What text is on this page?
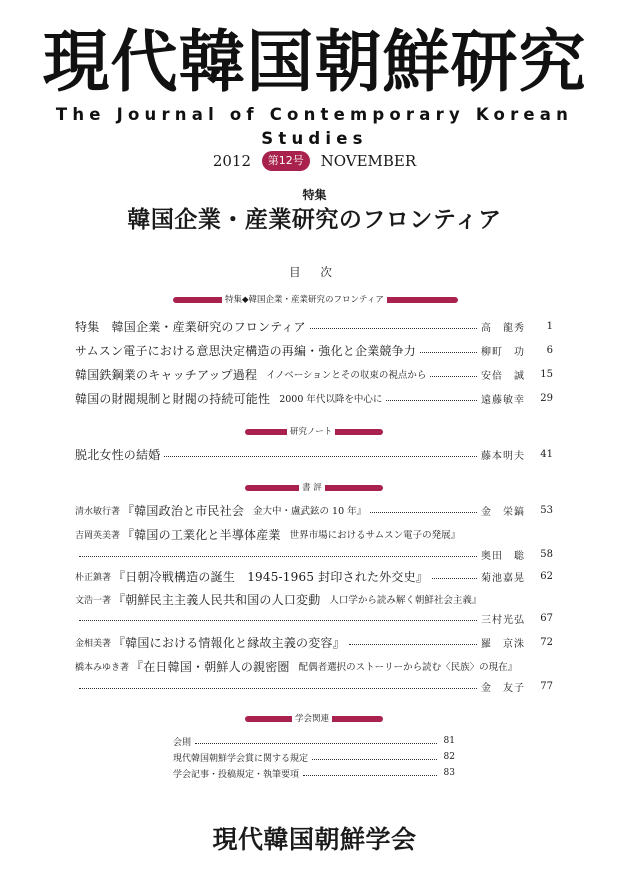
現代韓国朝鮮研究
The Journal of Contemporary Korean Studies
2012 第12号 NOVEMBER
特集
韓国企業・産業研究のフロンティア
目 次
特集◆韓国企業・産業研究のフロンティア
特集　韓国企業・産業研究のフロンティア	高　龍秀	1
サムスン電子における意思決定構造の再編・強化と企業競争力	柳町　功	6
韓国鉄鋼業のキャッチアップ過程 イノベーションとその収束の視点から	安倍　誠	15
韓国の財閥規制と財閥の持続可能性 2000 年代以降を中心に	遠藤敏幸	29
研究ノート
脱北女性の結婚	藤本明夫	41
書 評
清水敏行著 『韓国政治と市民社会 金大中・盧武鉉の 10 年』	金　栄鎬	53
吉岡英美著 『韓国の工業化と半導体産業 世界市場におけるサムスン電子の発展』
奥田　聡	58
朴正鎮著 『日朝冷戦構造の誕生　1945-1965 封印された外交史』	菊池嘉晃	62
文浩一著 『朝鮮民主主義人民共和国の人口変動 人口学から読み解く朝鮮社会主義』
三村光弘	67
金相美著 『韓国における情報化と縁故主義の変容』	羅　京洙	72
橋本みゆき著 『在日韓国・朝鮮人の親密圏 配偶者選択のストーリーから読む〈民族〉の現在』
金　友子	77
学会関連
会則	81
現代韓国朝鮮学会賞に関する規定	82
学会記事・投稿規定・執筆要項	83
現代韓国朝鮮学会
